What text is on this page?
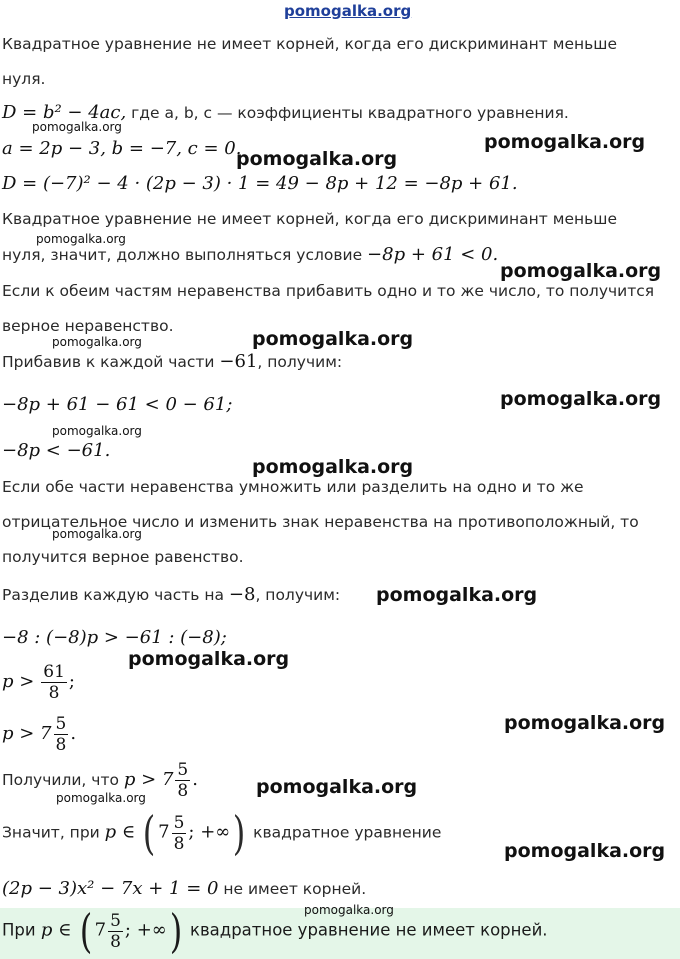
pomogalka.org
Квадратное уравнение не имеет корней, когда его дискриминант меньше
нуля.
D = b² − 4ac, где a, b, c — коэффициенты квадратного уравнения.
a = 2p − 3, b = −7, c = 0.
D = (−7)² − 4 · (2p − 3) · 1 = 49 − 8p + 12 = −8p + 61.
Квадратное уравнение не имеет корней, когда его дискриминант меньше
нуля, значит, должно выполняться условие −8p + 61 < 0.
Если к обеим частям неравенства прибавить одно и то же число, то получится
верное неравенство.
Прибавив к каждой части −61, получим:
−8p + 61 − 61 < 0 − 61;
−8p < −61.
Если обе части неравенства умножить или разделить на одно и то же
отрицательное число и изменить знак неравенства на противоположный, то
получится верное равенство.
Разделив каждую часть на −8, получим:
−8 : (−8)p > −61 : (−8);
$p > \frac{61}{8}$ ;
$p > 7 \frac{5}{8}$ .
Получили, что $p > 7 \frac{5}{8}$ .
Значит, при p ∈ ( $7 \frac{5}{8}$ ; +∞) квадратное уравнение
(2p − 3)x² − 7x + 1 = 0 не имеет корней.
При p ∈ ( $7 \frac{5}{8}$ ; +∞) квадратное уравнение не имеет корней.
pomogalka.org
pomogalka.org
pomogalka.org
pomogalka.org
pomogalka.org
pomogalka.org
pomogalka.org
pomogalka.org
pomogalka.org
pomogalka.org
pomogalka.org
pomogalka.org
pomogalka.org
pomogalka.org
pomogalka.org
pomogalka.org
pomogalka.org
pomogalka.org
